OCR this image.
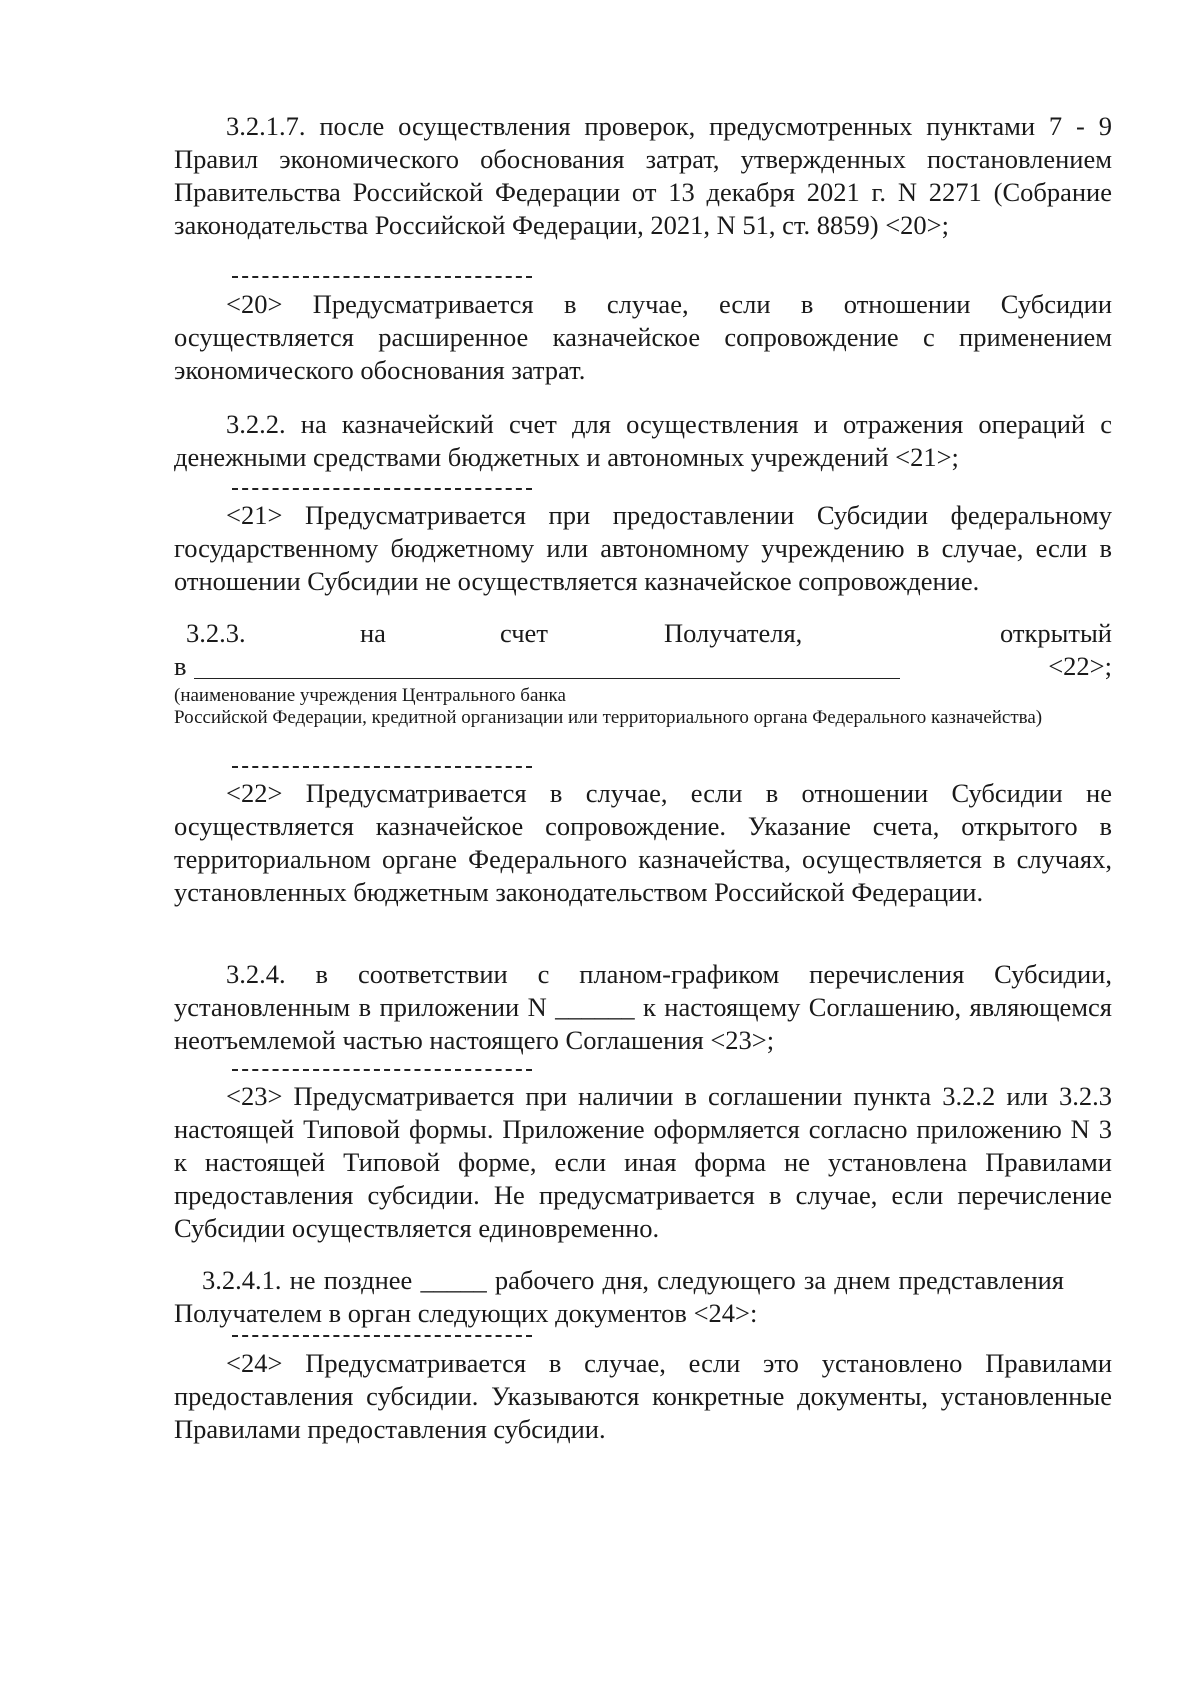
3.2.1.7. после осуществления проверок, предусмотренных пунктами 7 - 9 Правил экономического обоснования затрат, утвержденных постановлением Правительства Российской Федерации от 13 декабря 2021 г. N 2271 (Собрание законодательства Российской Федерации, 2021, N 51, ст. 8859) <20>;
<20> Предусматривается в случае, если в отношении Субсидии осуществляется расширенное казначейское сопровождение с применением экономического обоснования затрат.
3.2.2. на казначейский счет для осуществления и отражения операций с денежными средствами бюджетных и автономных учреждений <21>;
<21> Предусматривается при предоставлении Субсидии федеральному государственному бюджетному или автономному учреждению в случае, если в отношении Субсидии не осуществляется казначейское сопровождение.
3.2.3.	на	счет	Получателя,	открытый
в	<22>;
(наименование учреждения Центрального банка
Российской Федерации, кредитной организации или территориального органа Федерального казначейства)
<22> Предусматривается в случае, если в отношении Субсидии не осуществляется казначейское сопровождение. Указание счета, открытого в территориальном органе Федерального казначейства, осуществляется в случаях, установленных бюджетным законодательством Российской Федерации.
3.2.4. в соответствии с планом-графиком перечисления Субсидии, установленным в приложении N ______ к настоящему Соглашению, являющемся неотъемлемой частью настоящего Соглашения <23>;
<23> Предусматривается при наличии в соглашении пункта 3.2.2 или 3.2.3 настоящей Типовой формы. Приложение оформляется согласно приложению N 3 к настоящей Типовой форме, если иная форма не установлена Правилами предоставления субсидии. Не предусматривается в случае, если перечисление Субсидии осуществляется единовременно.
3.2.4.1. не позднее _____ рабочего дня, следующего за днем представления Получателем в орган следующих документов <24>:
<24> Предусматривается в случае, если это установлено Правилами предоставления субсидии. Указываются конкретные документы, установленные Правилами предоставления субсидии.
